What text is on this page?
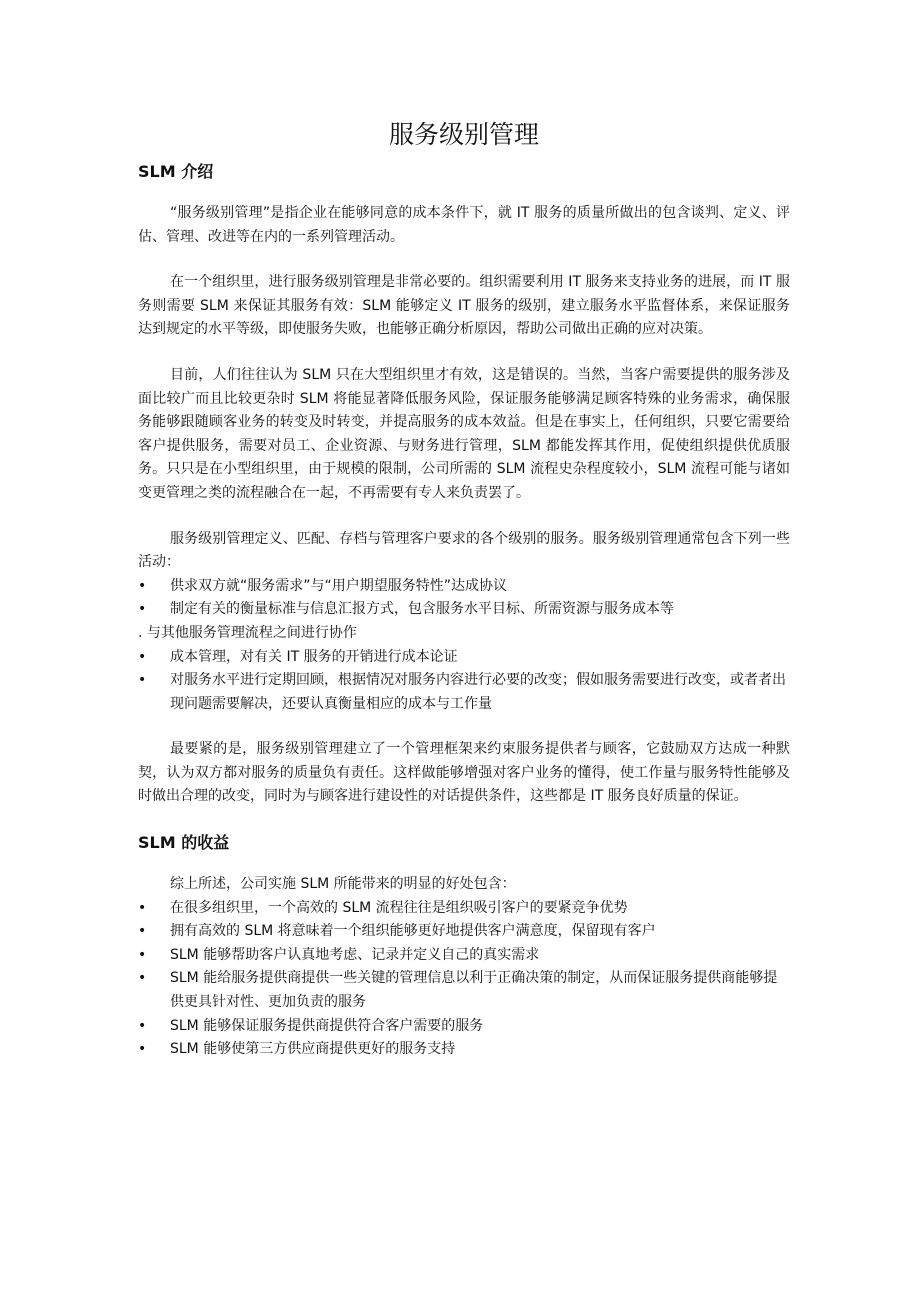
服务级别管理
SLM 介绍

“服务级别管理”是指企业在能够同意的成本条件下，就 IT 服务的质量所做出的包含谈判、定义、评估、管理、改进等在内的一系列管理活动。

在一个组织里，进行服务级别管理是非常必要的。组织需要利用 IT 服务来支持业务的进展，而 IT 服务则需要 SLM 来保证其服务有效：SLM 能够定义 IT 服务的级别，建立服务水平监督体系，来保证服务达到规定的水平等级，即使服务失败，也能够正确分析原因，帮助公司做出正确的应对决策。

目前，人们往往认为 SLM 只在大型组织里才有效，这是错误的。当然，当客户需要提供的服务涉及面比较广而且比较更杂时 SLM 将能显著降低服务风险，保证服务能够满足顾客特殊的业务需求，确保服务能够跟随顾客业务的转变及时转变，并提高服务的成本效益。但是在事实上，任何组织，只要它需要给客户提供服务，需要对员工、企业资源、与财务进行管理，SLM 都能发挥其作用，促使组织提供优质服务。只只是在小型组织里，由于规模的限制，公司所需的 SLM 流程史杂程度较小，SLM 流程可能与诸如变更管理之类的流程融合在一起，不再需要有专人来负责罢了。

服务级别管理定义、匹配、存档与管理客户要求的各个级别的服务。服务级别管理通常包含下列一些活动：

• 供求双方就“服务需求”与“用户期望服务特性”达成协议
• 制定有关的衡量标准与信息汇报方式，包含服务水平目标、所需资源与服务成本等
. 与其他服务管理流程之间进行协作
• 成本管理，对有关 IT 服务的开销进行成本论证
• 对服务水平进行定期回顾，根据情况对服务内容进行必要的改变；假如服务需要进行改变，或者者出现问题需要解决，还要认真衡量相应的成本与工作量

最要紧的是，服务级别管理建立了一个管理框架来约束服务提供者与顾客，它鼓励双方达成一种默契，认为双方都对服务的质量负有责任。这样做能够增强对客户业务的懂得，使工作量与服务特性能够及时做出合理的改变，同时为与顾客进行建设性的对话提供条件，这些都是 IT 服务良好质量的保证。

SLM 的收益

综上所述，公司实施 SLM 所能带来的明显的好处包含：

• 在很多组织里，一个高效的 SLM 流程往往是组织吸引客户的要紧竞争优势
• 拥有高效的 SLM 将意味着一个组织能够更好地提供客户满意度，保留现有客户
• SLM 能够帮助客户认真地考虑、记录并定义自己的真实需求
• SLM 能给服务提供商提供一些关键的管理信息以利于正确决策的制定，从而保证服务提供商能够提供更具针对性、更加负责的服务
• SLM 能够保证服务提供商提供符合客户需要的服务
• SLM 能够使第三方供应商提供更好的服务支持
